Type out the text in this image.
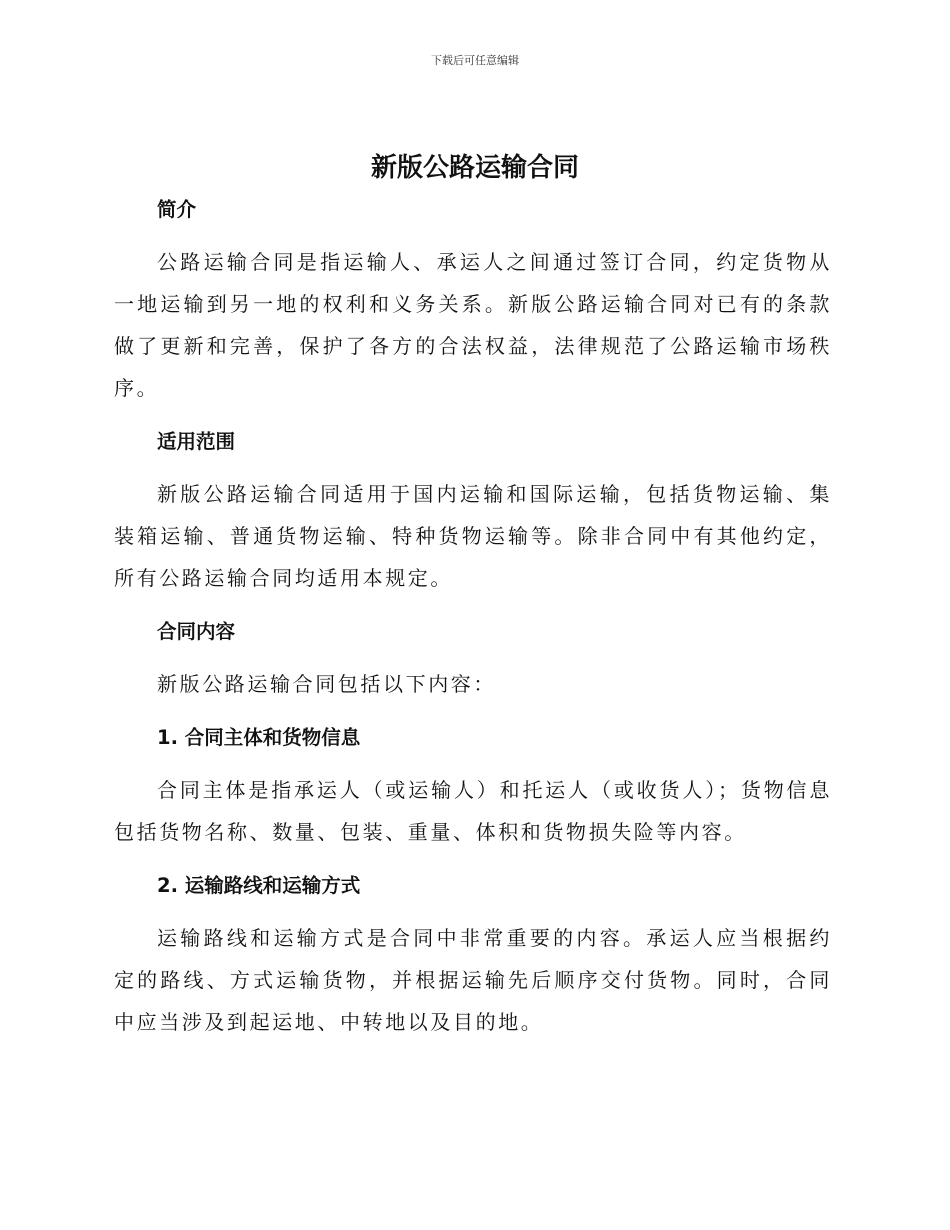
下载后可任意编辑
新版公路运输合同
简介

公路运输合同是指运输人、承运人之间通过签订合同，约定货物从一地运输到另一地的权利和义务关系。新版公路运输合同对已有的条款做了更新和完善，保护了各方的合法权益，法律规范了公路运输市场秩序。

适用范围

新版公路运输合同适用于国内运输和国际运输，包括货物运输、集装箱运输、普通货物运输、特种货物运输等。除非合同中有其他约定，所有公路运输合同均适用本规定。

合同内容

新版公路运输合同包括以下内容：

1. 合同主体和货物信息

合同主体是指承运人（或运输人）和托运人（或收货人）；货物信息包括货物名称、数量、包装、重量、体积和货物损失险等内容。

2. 运输路线和运输方式

运输路线和运输方式是合同中非常重要的内容。承运人应当根据约定的路线、方式运输货物，并根据运输先后顺序交付货物。同时，合同中应当涉及到起运地、中转地以及目的地。
